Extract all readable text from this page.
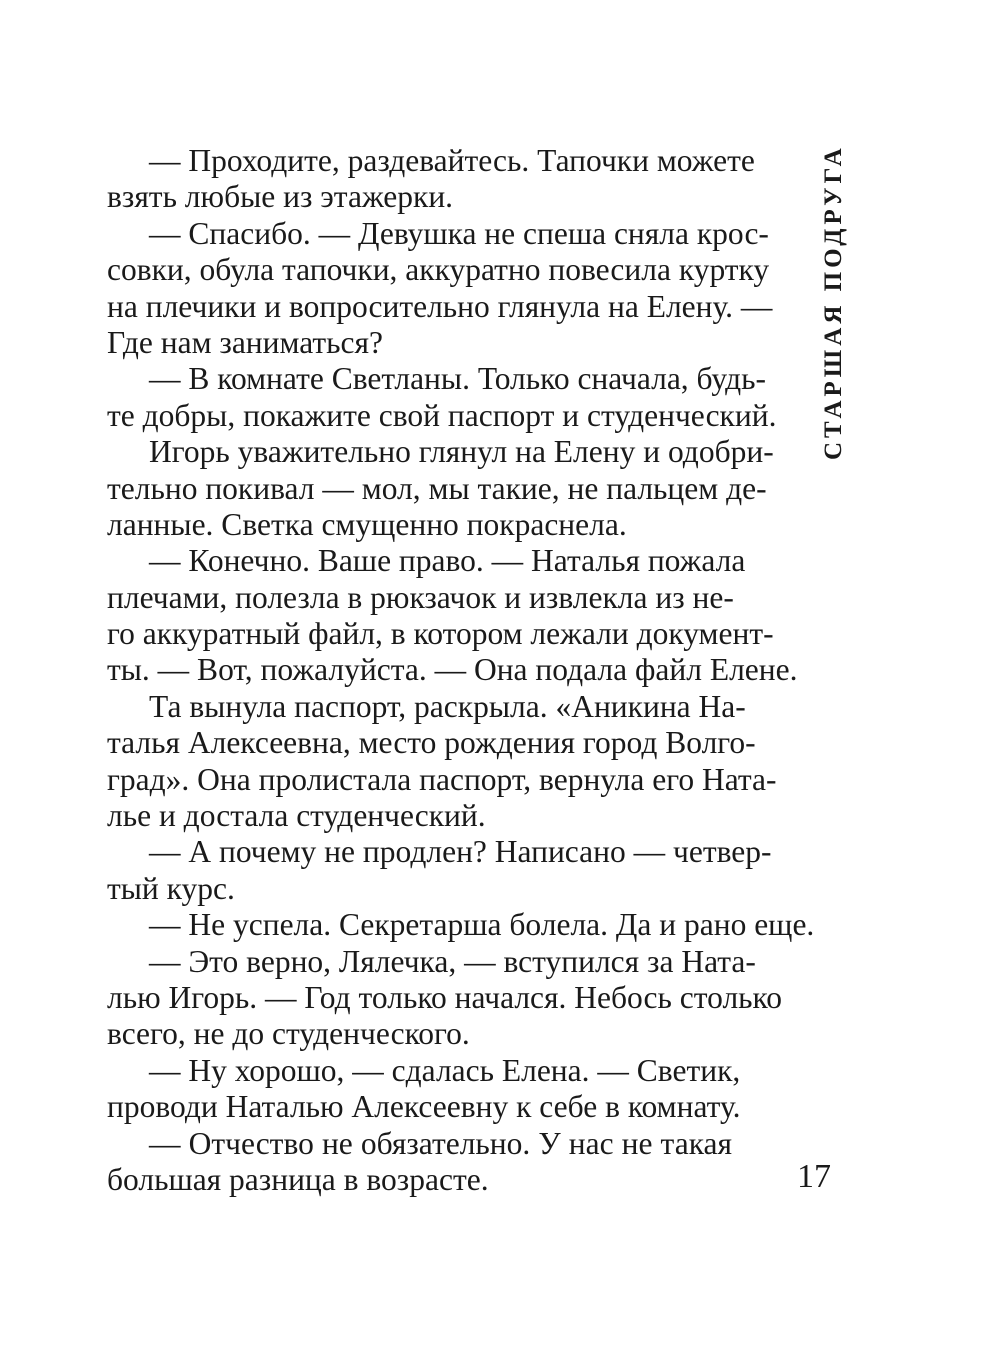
— Проходите, раздевайтесь. Тапочки можете
взять любые из этажерки.
— Спасибо. — Девушка не спеша сняла крос-
совки, обула тапочки, аккуратно повесила куртку
на плечики и вопросительно глянула на Елену. —
Где нам заниматься?
— В комнате Светланы. Только сначала, будь-
те добры, покажите свой паспорт и студенческий.
Игорь уважительно глянул на Елену и одобри-
тельно покивал — мол, мы такие, не пальцем де-
ланные. Светка смущенно покраснела.
— Конечно. Ваше право. — Наталья пожала
плечами, полезла в рюкзачок и извлекла из не-
го аккуратный файл, в котором лежали документ-
ты. — Вот, пожалуйста. — Она подала файл Елене.
Та вынула паспорт, раскрыла. «Аникина На-
талья Алексеевна, место рождения город Волго-
град». Она пролистала паспорт, вернула его Ната-
лье и достала студенческий.
— А почему не продлен? Написано — четвер-
тый курс.
— Не успела. Секретарша болела. Да и рано еще.
— Это верно, Лялечка, — вступился за Ната-
лью Игорь. — Год только начался. Небось столько
всего, не до студенческого.
— Ну хорошо, — сдалась Елена. — Светик,
проводи Наталью Алексеевну к себе в комнату.
— Отчество не обязательно. У нас не такая
большая разница в возрасте.
СТАРШАЯ ПОДРУГА
17
